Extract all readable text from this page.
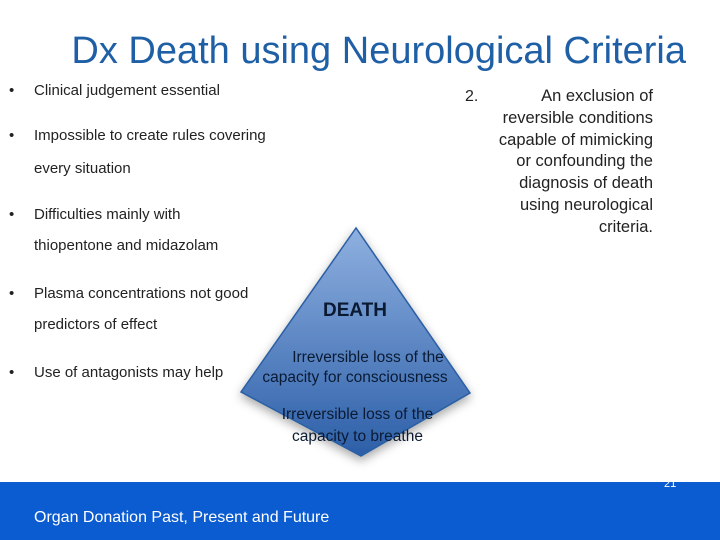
Dx Death using Neurological Criteria
• Clinical judgement essential
• Impossible to create rules covering
every situation
• Difficulties mainly with
thiopentone and midazolam
• Plasma concentrations not good
predictors of effect
• Use of antagonists may help
2.	An exclusion of
reversible conditions
capable of mimicking
or confounding the
diagnosis of death
using neurological
criteria.
DEATH
Irreversible loss of the
capacity for consciousness
Irreversible loss of the
capacity to breathe
Organ Donation Past, Present and Future
21
